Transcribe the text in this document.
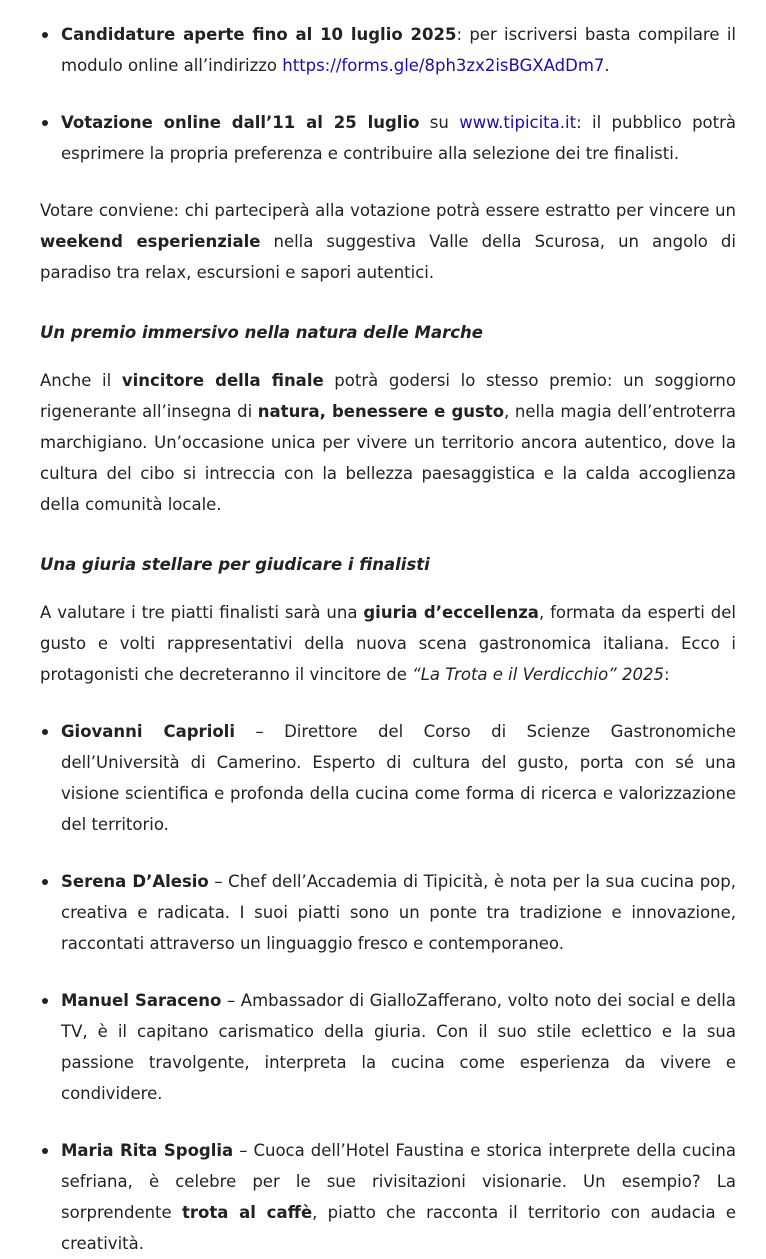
Candidature aperte fino al 10 luglio 2025: per iscriversi basta compilare il modulo online all’indirizzo https://forms.gle/8ph3zx2isBGXAdDm7.
Votazione online dall’11 al 25 luglio su www.tipicita.it: il pubblico potrà esprimere la propria preferenza e contribuire alla selezione dei tre finalisti.

Votare conviene: chi parteciperà alla votazione potrà essere estratto per vincere un weekend esperienziale nella suggestiva Valle della Scurosa, un angolo di paradiso tra relax, escursioni e sapori autentici.

Un premio immersivo nella natura delle Marche

Anche il vincitore della finale potrà godersi lo stesso premio: un soggiorno rigenerante all’insegna di natura, benessere e gusto, nella magia dell’entroterra marchigiano. Un’occasione unica per vivere un territorio ancora autentico, dove la cultura del cibo si intreccia con la bellezza paesaggistica e la calda accoglienza della comunità locale.

Una giuria stellare per giudicare i finalisti

A valutare i tre piatti finalisti sarà una giuria d’eccellenza, formata da esperti del gusto e volti rappresentativi della nuova scena gastronomica italiana. Ecco i protagonisti che decreteranno il vincitore de “La Trota e il Verdicchio” 2025:

Giovanni Caprioli – Direttore del Corso di Scienze Gastronomiche dell’Università di Camerino. Esperto di cultura del gusto, porta con sé una visione scientifica e profonda della cucina come forma di ricerca e valorizzazione del territorio.
Serena D’Alesio – Chef dell’Accademia di Tipicità, è nota per la sua cucina pop, creativa e radicata. I suoi piatti sono un ponte tra tradizione e innovazione, raccontati attraverso un linguaggio fresco e contemporaneo.
Manuel Saraceno – Ambassador di GialloZafferano, volto noto dei social e della TV, è il capitano carismatico della giuria. Con il suo stile eclettico e la sua passione travolgente, interpreta la cucina come esperienza da vivere e condividere.
Maria Rita Spoglia – Cuoca dell’Hotel Faustina e storica interprete della cucina sefriana, è celebre per le sue rivisitazioni visionarie. Un esempio? La sorprendente trota al caffè, piatto che racconta il territorio con audacia e creatività.
